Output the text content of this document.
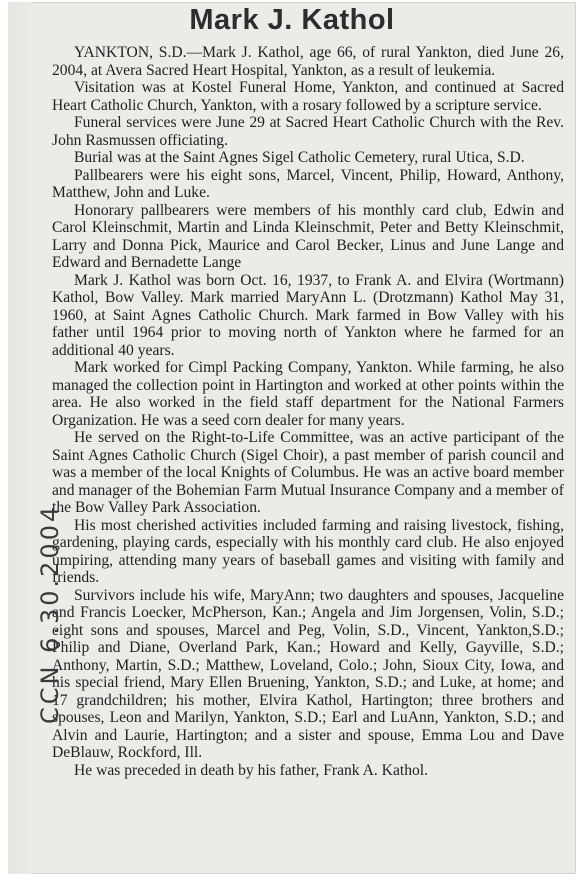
Mark J. Kathol

YANKTON, S.D.—Mark J. Kathol, age 66, of rural Yankton, died June 26, 2004, at Avera Sacred Heart Hospital, Yankton, as a result of leukemia.

Visitation was at Kostel Funeral Home, Yankton, and continued at Sacred Heart Catholic Church, Yankton, with a rosary followed by a scripture service.

Funeral services were June 29 at Sacred Heart Catholic Church with the Rev. John Rasmussen officiating.

Burial was at the Saint Agnes Sigel Catholic Cemetery, rural Utica, S.D.

Pallbearers were his eight sons, Marcel, Vincent, Philip, Howard, Anthony, Matthew, John and Luke.

Honorary pallbearers were members of his monthly card club, Edwin and Carol Kleinschmit, Martin and Linda Kleinschmit, Peter and Betty Kleinschmit, Larry and Donna Pick, Maurice and Carol Becker, Linus and June Lange and Edward and Bernadette Lange

Mark J. Kathol was born Oct. 16, 1937, to Frank A. and Elvira (Wortmann) Kathol, Bow Valley. Mark married MaryAnn L. (Drotzmann) Kathol May 31, 1960, at Saint Agnes Catholic Church. Mark farmed in Bow Valley with his father until 1964 prior to moving north of Yankton where he farmed for an additional 40 years.

Mark worked for Cimpl Packing Company, Yankton. While farming, he also managed the collection point in Hartington and worked at other points within the area. He also worked in the field staff department for the National Farmers Organization. He was a seed corn dealer for many years.

He served on the Right-to-Life Committee, was an active participant of the Saint Agnes Catholic Church (Sigel Choir), a past member of parish council and was a member of the local Knights of Columbus. He was an active board member and manager of the Bohemian Farm Mutual Insurance Company and a member of the Bow Valley Park Association.

His most cherished activities included farming and raising livestock, fishing, gardening, playing cards, especially with his monthly card club. He also enjoyed umpiring, attending many years of baseball games and visiting with family and friends.

Survivors include his wife, MaryAnn; two daughters and spouses, Jacqueline and Francis Loecker, McPherson, Kan.; Angela and Jim Jorgensen, Volin, S.D.; eight sons and spouses, Marcel and Peg, Volin, S.D., Vincent, Yankton,S.D.; Philip and Diane, Overland Park, Kan.; Howard and Kelly, Gayville, S.D.; Anthony, Martin, S.D.; Matthew, Loveland, Colo.; John, Sioux City, Iowa, and his special friend, Mary Ellen Bruening, Yankton, S.D.; and Luke, at home; and 17 grandchildren; his mother, Elvira Kathol, Hartington; three brothers and spouses, Leon and Marilyn, Yankton, S.D.; Earl and LuAnn, Yankton, S.D.; and Alvin and Laurie, Hartington; and a sister and spouse, Emma Lou and Dave DeBlauw, Rockford, Ill.

He was preceded in death by his father, Frank A. Kathol.

CCN 6.30.2004
